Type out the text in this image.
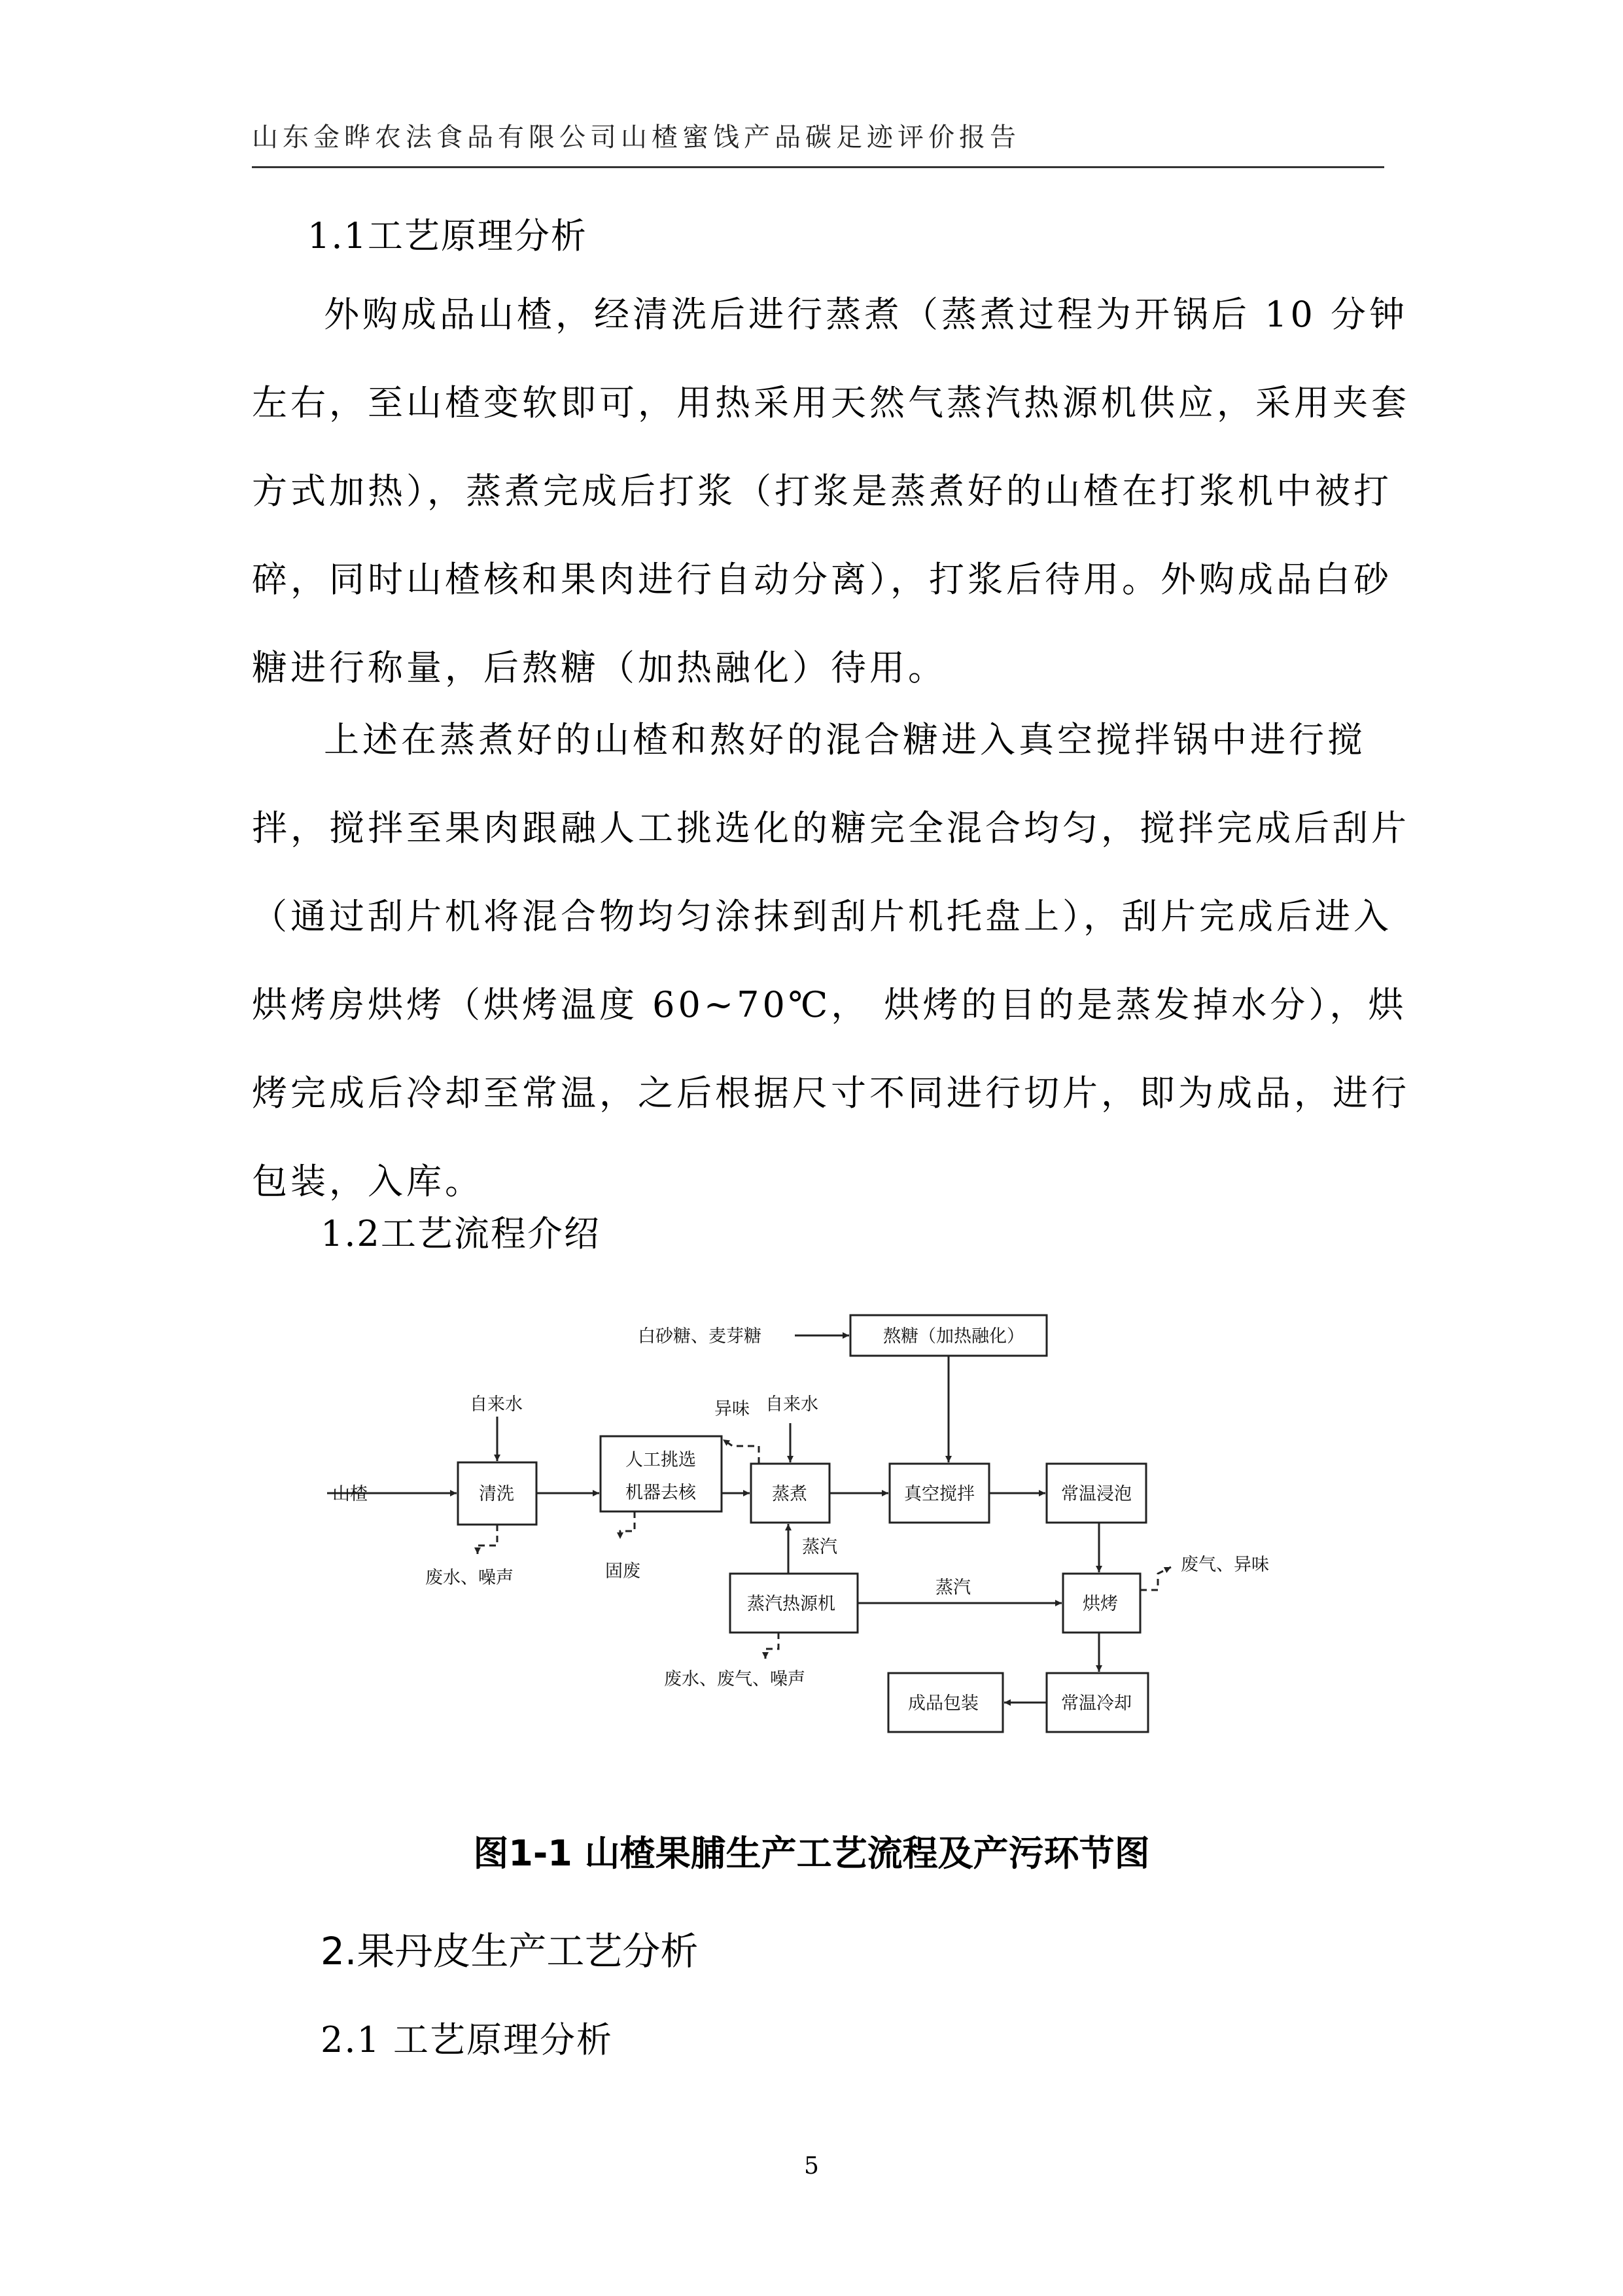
山东金晔农法食品有限公司山楂蜜饯产品碳足迹评价报告
1.1工艺原理分析
外购成品山楂，经清洗后进行蒸煮（蒸煮过程为开锅后 10 分钟
左右，至山楂变软即可，用热采用天然气蒸汽热源机供应，采用夹套
方式加热），蒸煮完成后打浆（打浆是蒸煮好的山楂在打浆机中被打
碎，同时山楂核和果肉进行自动分离），打浆后待用。外购成品白砂
糖进行称量，后熬糖（加热融化）待用。
上述在蒸煮好的山楂和熬好的混合糖进入真空搅拌锅中进行搅
拌，搅拌至果肉跟融人工挑选化的糖完全混合均匀，搅拌完成后刮片
（通过刮片机将混合物均匀涂抹到刮片机托盘上），刮片完成后进入
烘烤房烘烤（烘烤温度 60~70℃， 烘烤的目的是蒸发掉水分），烘
烤完成后冷却至常温，之后根据尺寸不同进行切片，即为成品，进行
包装，入库。
1.2工艺流程介绍
白砂糖、麦芽糖	熬糖（加热融化）
自来水	异味 自来水
山楂	清洗
人工挑选
机器去核	蒸煮	真空搅拌	常温浸泡
蒸汽
蒸汽
废水、噪声	固废
蒸汽热源机	烘烤
废气、异味
废水、废气、噪声
成品包装	常温冷却
图1-1 山楂果脯生产工艺流程及产污环节图
2.果丹皮生产工艺分析
2.1 工艺原理分析
5
